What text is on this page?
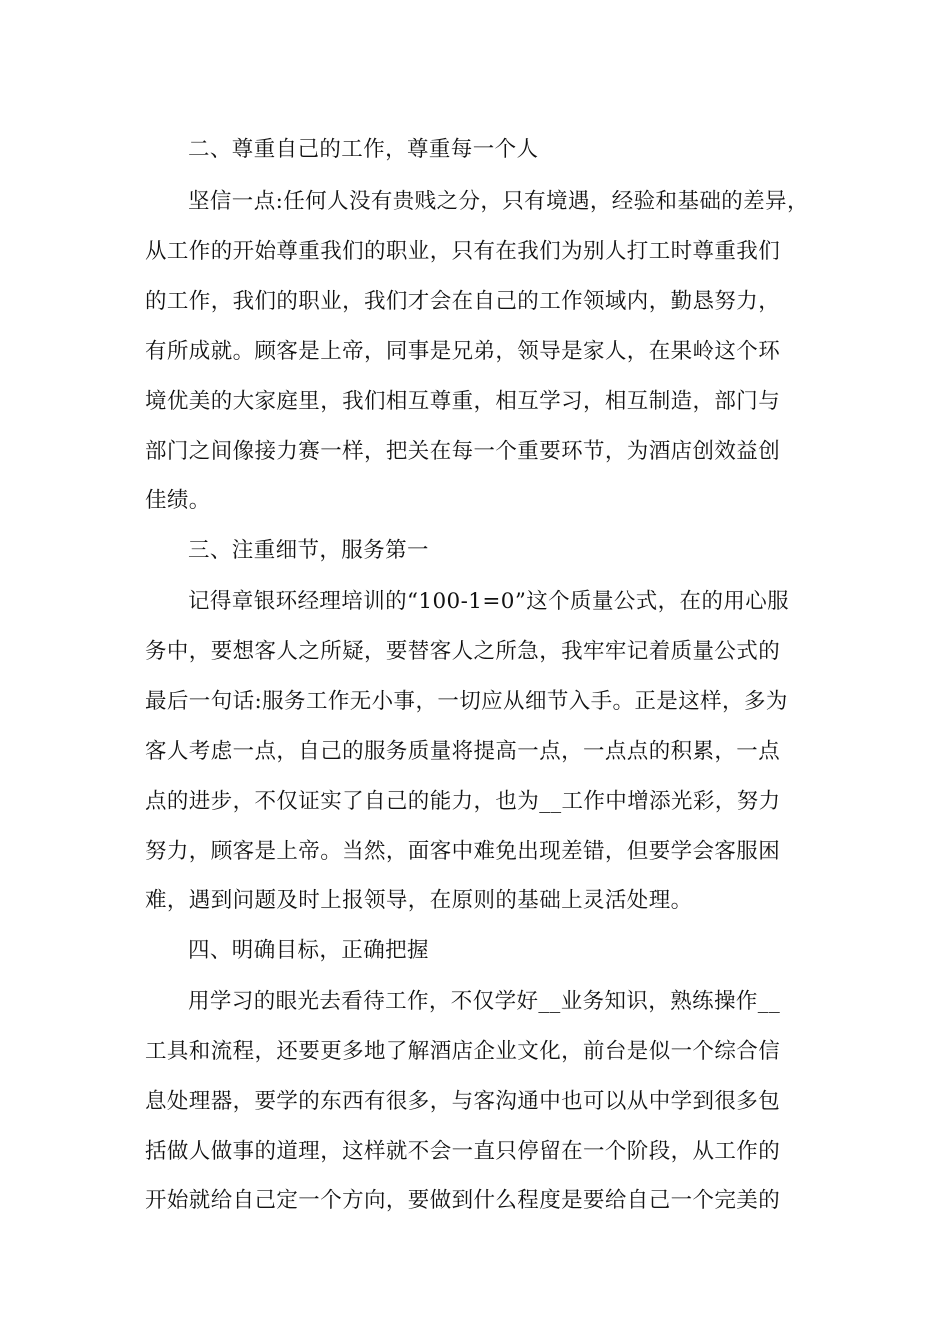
二、尊重自己的工作，尊重每一个人
坚信一点:任何人没有贵贱之分，只有境遇，经验和基础的差异，
从工作的开始尊重我们的职业，只有在我们为别人打工时尊重我们
的工作，我们的职业，我们才会在自己的工作领域内，勤恳努力，
有所成就。顾客是上帝，同事是兄弟，领导是家人，在果岭这个环
境优美的大家庭里，我们相互尊重，相互学习，相互制造，部门与
部门之间像接力赛一样，把关在每一个重要环节，为酒店创效益创
佳绩。
三、注重细节，服务第一
记得章银环经理培训的“100-1=0”这个质量公式，在的用心服
务中，要想客人之所疑，要替客人之所急，我牢牢记着质量公式的
最后一句话:服务工作无小事，一切应从细节入手。正是这样，多为
客人考虑一点，自己的服务质量将提高一点，一点点的积累，一点
点的进步，不仅证实了自己的能力，也为__工作中增添光彩，努力
努力，顾客是上帝。当然，面客中难免出现差错，但要学会客服困
难，遇到问题及时上报领导，在原则的基础上灵活处理。
四、明确目标，正确把握
用学习的眼光去看待工作，不仅学好__业务知识，熟练操作__
工具和流程，还要更多地了解酒店企业文化，前台是似一个综合信
息处理器，要学的东西有很多，与客沟通中也可以从中学到很多包
括做人做事的道理，这样就不会一直只停留在一个阶段，从工作的
开始就给自己定一个方向，要做到什么程度是要给自己一个完美的
